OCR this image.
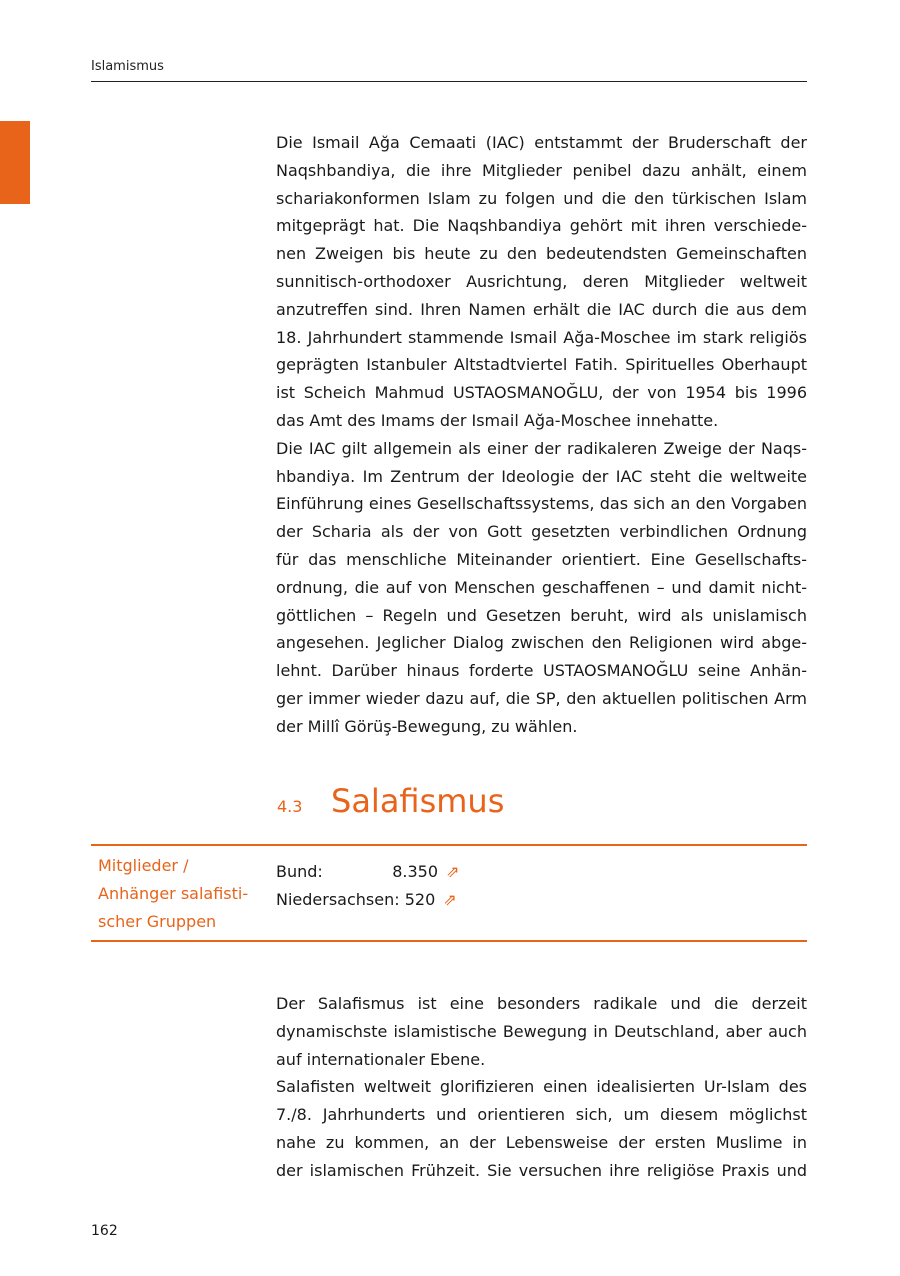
Islamismus
Die Ismail Ağa Cemaati (IAC) entstammt der Bruderschaft der
Naqshbandiya, die ihre Mitglieder penibel dazu anhält, einem
schariakonformen Islam zu folgen und die den türkischen Islam
mitgeprägt hat. Die Naqshbandiya gehört mit ihren verschiede-
nen Zweigen bis heute zu den bedeutendsten Gemeinschaften
sunnitisch-orthodoxer Ausrichtung, deren Mitglieder weltweit
anzutreffen sind. Ihren Namen erhält die IAC durch die aus dem
18. Jahrhundert stammende Ismail Ağa-Moschee im stark religiös
geprägten Istanbuler Altstadtviertel Fatih. Spirituelles Oberhaupt
ist Scheich Mahmud USTAOSMANOĞLU, der von 1954 bis 1996
das Amt des Imams der Ismail Ağa-Moschee innehatte.
Die IAC gilt allgemein als einer der radikaleren Zweige der Naqs-
hbandiya. Im Zentrum der Ideologie der IAC steht die weltweite
Einführung eines Gesellschaftssystems, das sich an den Vorgaben
der Scharia als der von Gott gesetzten verbindlichen Ordnung
für das menschliche Miteinander orientiert. Eine Gesellschafts-
ordnung, die auf von Menschen geschaffenen – und damit nicht-
göttlichen – Regeln und Gesetzen beruht, wird als unislamisch
angesehen. Jeglicher Dialog zwischen den Religionen wird abge-
lehnt. Darüber hinaus forderte USTAOSMANOĞLU seine Anhän-
ger immer wieder dazu auf, die SP, den aktuellen politischen Arm
der Millî Görüş-Bewegung, zu wählen.
4.3 Salafismus
Mitglieder /
Anhänger salafisti-
scher Gruppen
Bund:	8.350 ⇗
Niedersachsen:
520 ⇗
Der Salafismus ist eine besonders radikale und die derzeit
dynamischste islamistische Bewegung in Deutschland, aber auch
auf internationaler Ebene.
Salafisten weltweit glorifizieren einen idealisierten Ur-Islam des
7./8. Jahrhunderts und orientieren sich, um diesem möglichst
nahe zu kommen, an der Lebensweise der ersten Muslime in
der islamischen Frühzeit. Sie versuchen ihre religiöse Praxis und
162
